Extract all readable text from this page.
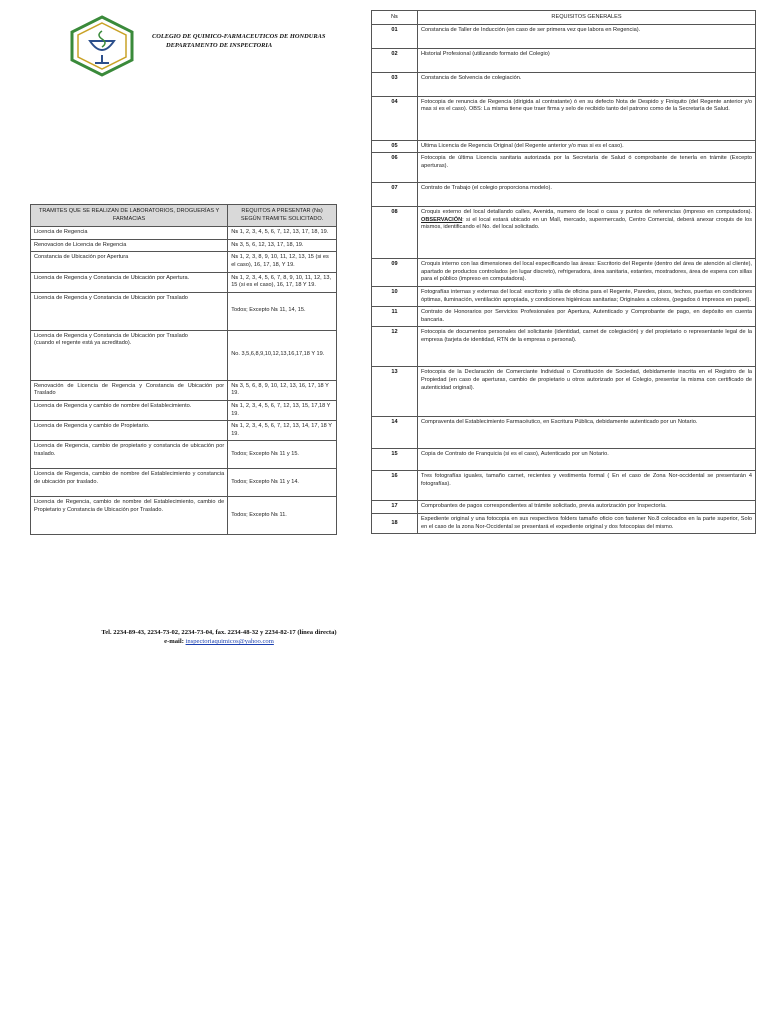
COLEGIO DE QUIMICO-FARMACEUTICOS DE HONDURAS
DEPARTAMENTO DE INSPECTORIA
TRAMITES QUE SE REALIZAN DE LABORATORIOS, DROGUERÍAS Y FARMACIAS	REQUITOS A PRESENTAR (Nꜱ) SEGÚN TRAMITE SOLICITADO.
Licencia de Regencia	Nꜱ 1, 2, 3, 4, 5, 6, 7, 12, 13, 17, 18, 19.
Renovacion de Licencia de Regencia	Nꜱ 3, 5, 6, 12, 13, 17, 18, 19.
Constancia de Ubicación por Apertura	Nꜱ 1, 2, 3, 8, 9, 10, 11, 12, 13, 15 (si es el caso), 16, 17, 18, Y 19.
Licencia de Regencia y Constancia de Ubicación por Apertura.	Nꜱ 1, 2, 3, 4, 5, 6, 7, 8, 9, 10, 11, 12, 13, 15 (si es el caso), 16, 17, 18 Y 19.
Licencia de Regencia y Constancia de Ubicación por Traslado	Todos; Excepto Nꜱ 11, 14, 15.
Licencia de Regencia y Constancia de Ubicación por Traslado
(cuando el regente está ya acreditado).	No. 3,5,6,8,9,10,12,13,16,17,18 Y 19.
Renovación de Licencia de Regencia y Constancia de Ubicación por Traslado	Nꜱ 3, 5, 6, 8, 9, 10, 12, 13, 16, 17, 18 Y 19.
Licencia de Regencia y cambio de nombre del Establecimiento.	Nꜱ 1, 2, 3, 4, 5, 6, 7, 12, 13, 15, 17,18 Y 19.
Licencia de Regencia y cambio de Propietario.	Nꜱ 1, 2, 3, 4, 5, 6, 7, 12, 13, 14, 17, 18 Y 19.
Licencia de Regencia, cambio de propietario y constancia de ubicación por traslado.	Todos; Excepto Nꜱ 11 y 15.
Licencia de Regencia, cambio de nombre del Establecimiento y constancia de ubicación por traslado.	Todos; Excepto Nꜱ 11 y 14.
Licencia de Regencia, cambio de nombre del Establecimiento, cambio de Propietario y Constancia de Ubicación por Traslado.	Todos; Excepto Nꜱ 11.
Nꜱ	REQUISITOS GENERALES
01	Constancia de Taller de Inducción (en caso de ser primera vez que labora en Regencia).
02	Historial Profesional (utilizando formato del Colegio)
03	Constancia de Solvencia de colegiación.
04	Fotocopia de renuncia de Regencia (dirigida al contratante) ó en su defecto Nota de Despido y Finiquito (del Regente anterior y/o mas si es el caso). OBS: La misma tiene que traer firma y selo de recibido tanto del patrono como de la Secretaría de Salud.
05	Ultima Licencia de Regencia Original (del Regente anterior y/o mas si es el caso).
06	Fotocopia de última Licencia sanitaria autorizada por la Secretaría de Salud ó comprobante de tenerla en trámite (Excepto aperturas).
07	Contrato de Trabajo (el colegio proporciona modelo).
08	Croquis externo del local detallando calles, Avenida, numero de local o casa y puntos de referencias (impreso en computadora). OBSERVACIÓN: si el local estará ubicado en un Mall, mercado, supermercado, Centro Comercial, deberá anexar croquis de los mismos, identificando el No. del local solicitado.
09	Croquis interno con las dimensiones del local especificando las áreas: Escritorio del Regente (dentro del área de atención al cliente), apartado de productos controlados (en lugar discreto), refrigeradora, área sanitaria, estantes, mostradores, área de espera con sillas para el público (impreso en computadora).
10	Fotografías internas y externas del local: escritorio y silla de oficina para el Regente, Paredes, pisos, techos, puertas en condiciones óptimas, iluminación, ventilación apropiada, y condiciones higiénicas sanitarias; Originales a colores, (pegados ó impresos en papel).
11	Contrato de Honorarios por Servicios Profesionales por Apertura, Autenticado y Comprobante de pago, en depósito en cuenta bancaria.
12	Fotocopia de documentos personales del solicitante (identidad, carnet de colegiación) y del propietario o representante legal de la empresa (tarjeta de identidad, RTN de la empresa o personal).
13	Fotocopia de la Declaración de Comerciante Individual o Constitución de Sociedad, debidamente inscrita en el Registro de la Propiedad (en caso de aperturas, cambio de propietario u otros autorizado por el Colegio, presentar la misma con certificado de autenticidad original).
14	Compraventa del Establecimiento Farmacéutico, en Escritura Pública, debidamente autenticado por un Notario.
15	Copia de Contrato de Franquicia (si es el caso), Autenticado por un Notario.
16	Tres fotografías iguales, tamaño carnet, recientes y vestimenta formal ( En el caso de Zona Nor-occidental se presentarán 4 fotografías).
17	Comprobantes de pagos correspondientes al trámite solicitado, previa autorización por Inspectoría.
18	Expediente original y una fotocopia en sus respectivos folders tamaño oficio con fastener No.8 colocados en la parte superior, Solo en el caso de la zona Nor-Occidental se presentará el expediente original y dos fotocopias del mismo.
Tel. 2234-89-43, 2234-73-02, 2234-73-04, fax. 2234-48-32 y 2234-82-17 (línea directa)
e-mail: inspectoriaquimicos@yahoo.com
